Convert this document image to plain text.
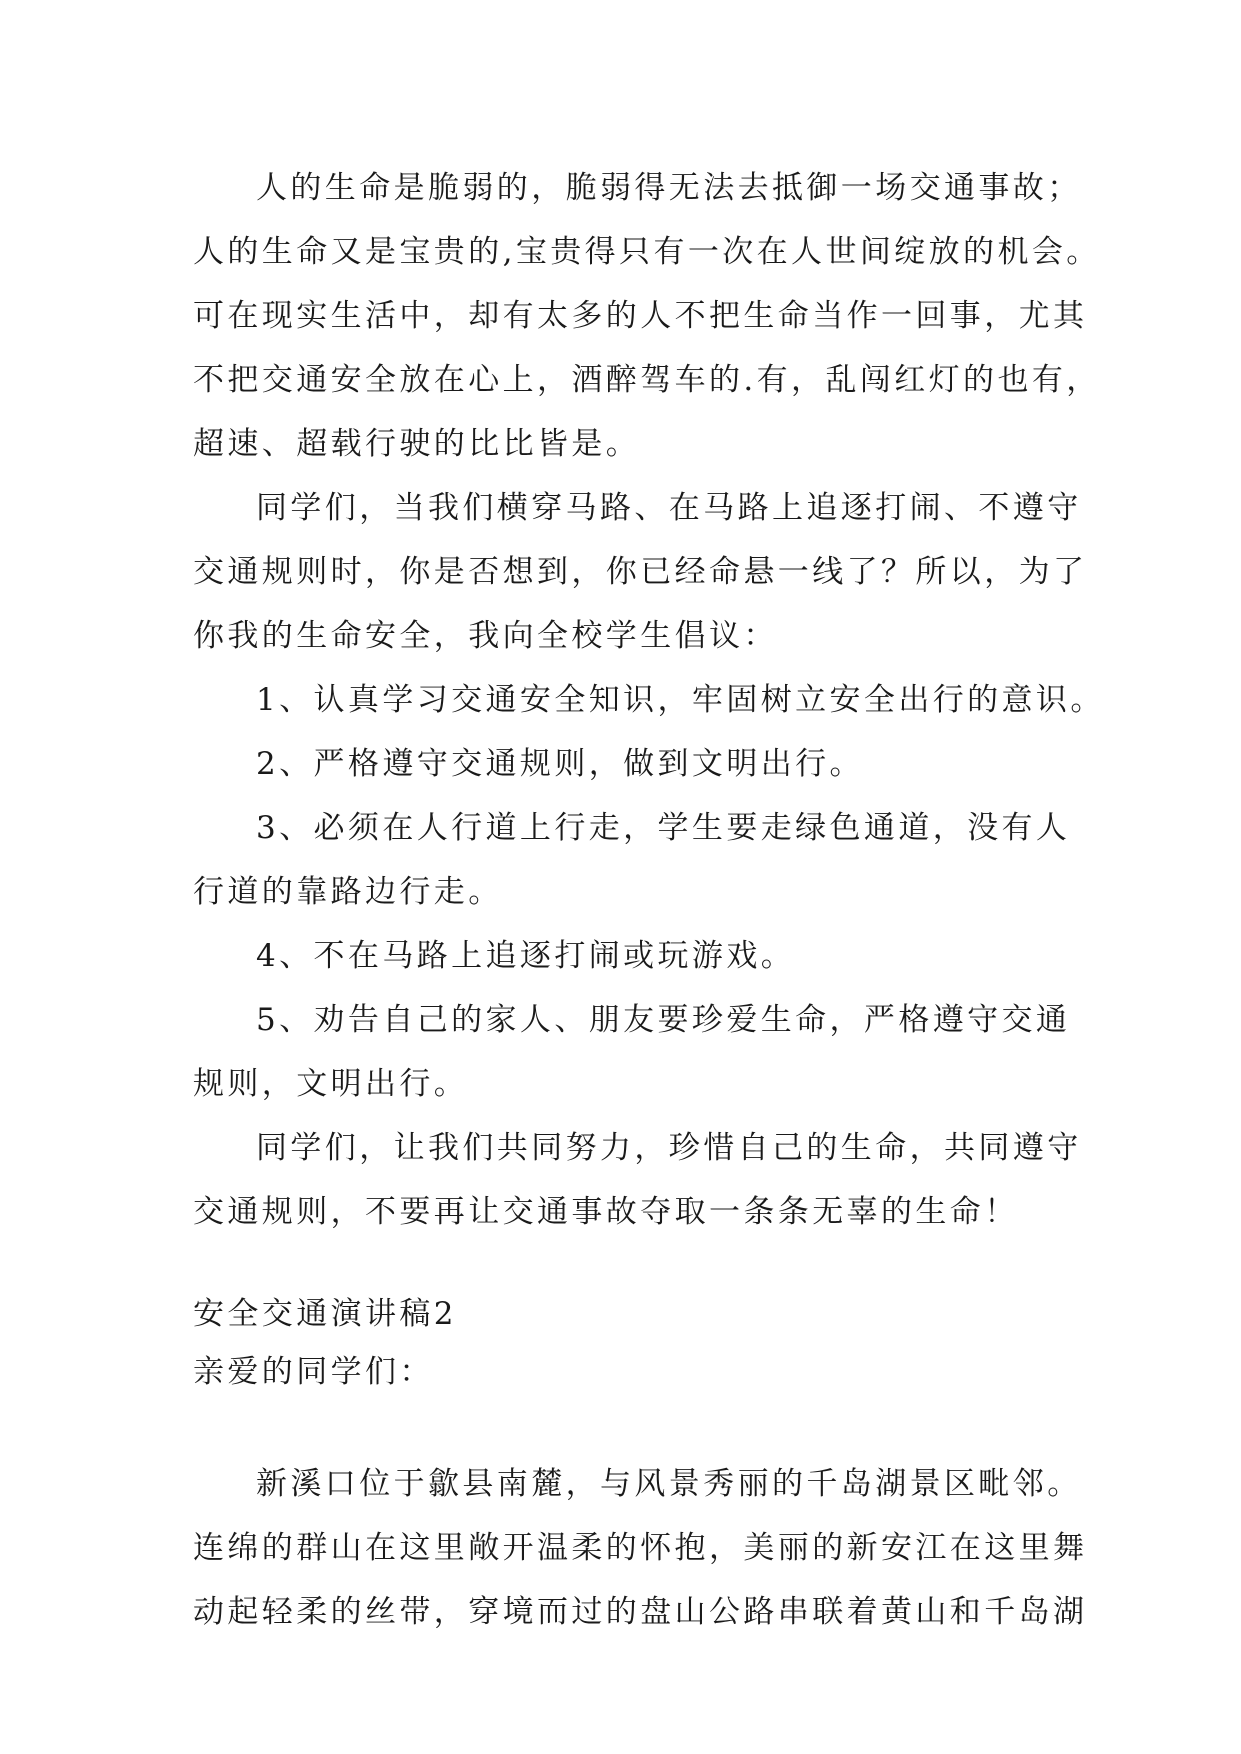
人的生命是脆弱的，脆弱得无法去抵御一场交通事故；
人的生命又是宝贵的,宝贵得只有一次在人世间绽放的机会。
可在现实生活中，却有太多的人不把生命当作一回事，尤其
不把交通安全放在心上，酒醉驾车的.有，乱闯红灯的也有，
超速、超载行驶的比比皆是。
同学们，当我们横穿马路、在马路上追逐打闹、不遵守
交通规则时，你是否想到，你已经命悬一线了？所以，为了
你我的生命安全，我向全校学生倡议：
1、认真学习交通安全知识，牢固树立安全出行的意识。
2、严格遵守交通规则，做到文明出行。
3、必须在人行道上行走，学生要走绿色通道，没有人
行道的靠路边行走。
4、不在马路上追逐打闹或玩游戏。
5、劝告自己的家人、朋友要珍爱生命，严格遵守交通
规则，文明出行。
同学们，让我们共同努力，珍惜自己的生命，共同遵守
交通规则，不要再让交通事故夺取一条条无辜的生命！
安全交通演讲稿2
亲爱的同学们：
新溪口位于歙县南麓，与风景秀丽的千岛湖景区毗邻。
连绵的群山在这里敞开温柔的怀抱，美丽的新安江在这里舞
动起轻柔的丝带，穿境而过的盘山公路串联着黄山和千岛湖
